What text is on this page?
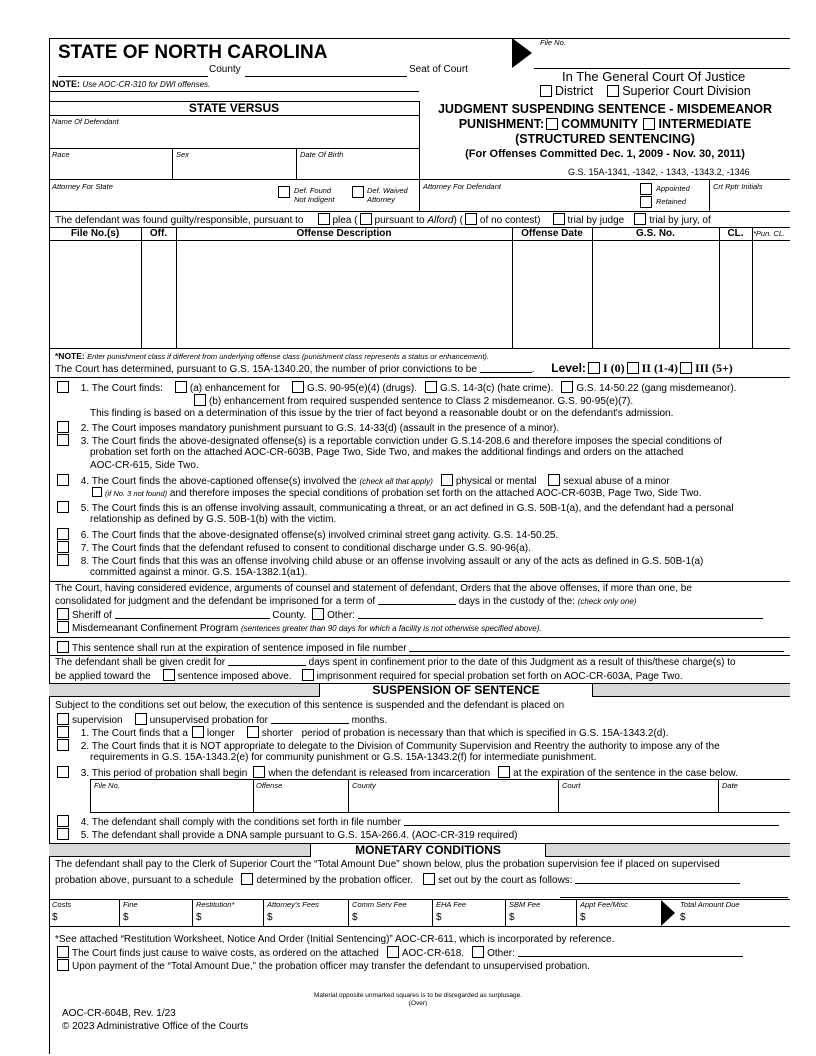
STATE OF NORTH CAROLINA
County	Seat of Court
NOTE: Use AOC-CR-310 for DWI offenses.
File No.
In The General Court Of Justice
District Superior Court Division
STATE VERSUS
Name Of Defendant
Race	Sex	Date Of Birth
Attorney For State	Def. Found
Not Indigent
Def. Waived
Attorney
Attorney For Defendant	Appointed
Retained
Crt Rptr Initials
JUDGMENT SUSPENDING SENTENCE - MISDEMEANOR
PUNISHMENT: COMMUNITY INTERMEDIATE
(STRUCTURED SENTENCING)
(For Offenses Committed Dec. 1, 2009 - Nov. 30, 2011)
G.S. 15A-1341, -1342, - 1343, -1343.2, -1346
The defendant was found guilty/responsible, pursuant to	plea ( pursuant to Alford) ( of no contest)	trial by judge	trial by jury, of
File No.(s)	Off.	Offense Description	Offense Date	G.S. No.	CL.	*Pun. CL.
*NOTE: Enter punishment class if different from underlying offense class (punishment class represents a status or enhancement).
The Court has determined, pursuant to G.S. 15A-1340.20, the number of prior convictions to be	. Level: I (0) II (1-4) III (5+)
1. The Court finds:	(a) enhancement for	G.S. 90-95(e)(4) (drugs). G.S. 14-3(c) (hate crime). G.S. 14-50.22 (gang misdemeanor).
(b) enhancement from required suspended sentence to Class 2 misdemeanor. G.S. 90-95(e)(7).
This finding is based on a determination of this issue by the trier of fact beyond a reasonable doubt or on the defendant's admission.
2. The Court imposes mandatory punishment pursuant to G.S. 14-33(d) (assault in the presence of a minor).
3. The Court finds the above-designated offense(s) is a reportable conviction under G.S.14-208.6 and therefore imposes the special conditions of
probation set forth on the attached AOC-CR-603B, Page Two, Side Two, and makes the additional findings and orders on the attached
AOC-CR-615, Side Two.
4. The Court finds the above-captioned offense(s) involved the (check all that apply) physical or mental	sexual abuse of a minor
(if No. 3 not found) and therefore imposes the special conditions of probation set forth on the attached AOC-CR-603B, Page Two, Side Two.
5. The Court finds this is an offense involving assault, communicating a threat, or an act defined in G.S. 50B-1(a), and the defendant had a personal
relationship as defined by G.S. 50B-1(b) with the victim.
6. The Court finds that the above-designated offense(s) involved criminal street gang activity. G.S. 14-50.25.
7. The Court finds that the defendant refused to consent to conditional discharge under G.S. 90-96(a).
8. The Court finds that this was an offense involving child abuse or an offense involving assault or any of the acts as defined in G.S. 50B-1(a)
committed against a minor. G.S. 15A-1382.1(a1).
The Court, having considered evidence, arguments of counsel and statement of defendant, Orders that the above offenses, if more than one, be
consolidated for judgment and the defendant be imprisoned for a term of	days in the custody of the: (check only one)
Sheriff of	County. Other:
Misdemeanant Confinement Program (sentences greater than 90 days for which a facility is not otherwise specified above).
This sentence shall run at the expiration of sentence imposed in file number
The defendant shall be given credit for	days spent in confinement prior to the date of this Judgment as a result of this/these charge(s) to
be applied toward the	sentence imposed above.	imprisonment required for special probation set forth on AOC-CR-603A, Page Two.
SUSPENSION OF SENTENCE
Subject to the conditions set out below, the execution of this sentence is suspended and the defendant is placed on
supervision	unsupervised probation for	months.
1. The Court finds that a longer	shorter period of probation is necessary than that which is specified in G.S. 15A-1343.2(d).
2. The Court finds that it is NOT appropriate to delegate to the Division of Community Supervision and Reentry the authority to impose any of the
requirements in G.S. 15A-1343.2(e) for community punishment or G.S. 15A-1343.2(f) for intermediate punishment.
3. This period of probation shall begin when the defendant is released from incarceration at the expiration of the sentence in the case below.
File No.	Offense	County	Court	Date
4. The defendant shall comply with the conditions set forth in file number
5. The defendant shall provide a DNA sample pursuant to G.S. 15A-266.4. (AOC-CR-319 required)
MONETARY CONDITIONS
The defendant shall pay to the Clerk of Superior Court the “Total Amount Due” shown below, plus the probation supervision fee if placed on supervised
probation above, pursuant to a schedule determined by the probation officer.	set out by the court as follows:
Costs	Fine	Restitution*	Attorney's Fees	Comm Serv Fee	EHA Fee	SBM Fee	Appt Fee/Misc	Total Amount Due
$	$	$	$	$	$	$	$	$
*See attached “Restitution Worksheet, Notice And Order (Initial Sentencing)” AOC-CR-611, which is incorporated by reference.
The Court finds just cause to waive costs, as ordered on the attached AOC-CR-618. Other:
Upon payment of the “Total Amount Due,” the probation officer may transfer the defendant to unsupervised probation.
Material opposite unmarked squares is to be disregarded as surplusage.
(Over)
AOC-CR-604B, Rev. 1/23
© 2023 Administrative Office of the Courts
